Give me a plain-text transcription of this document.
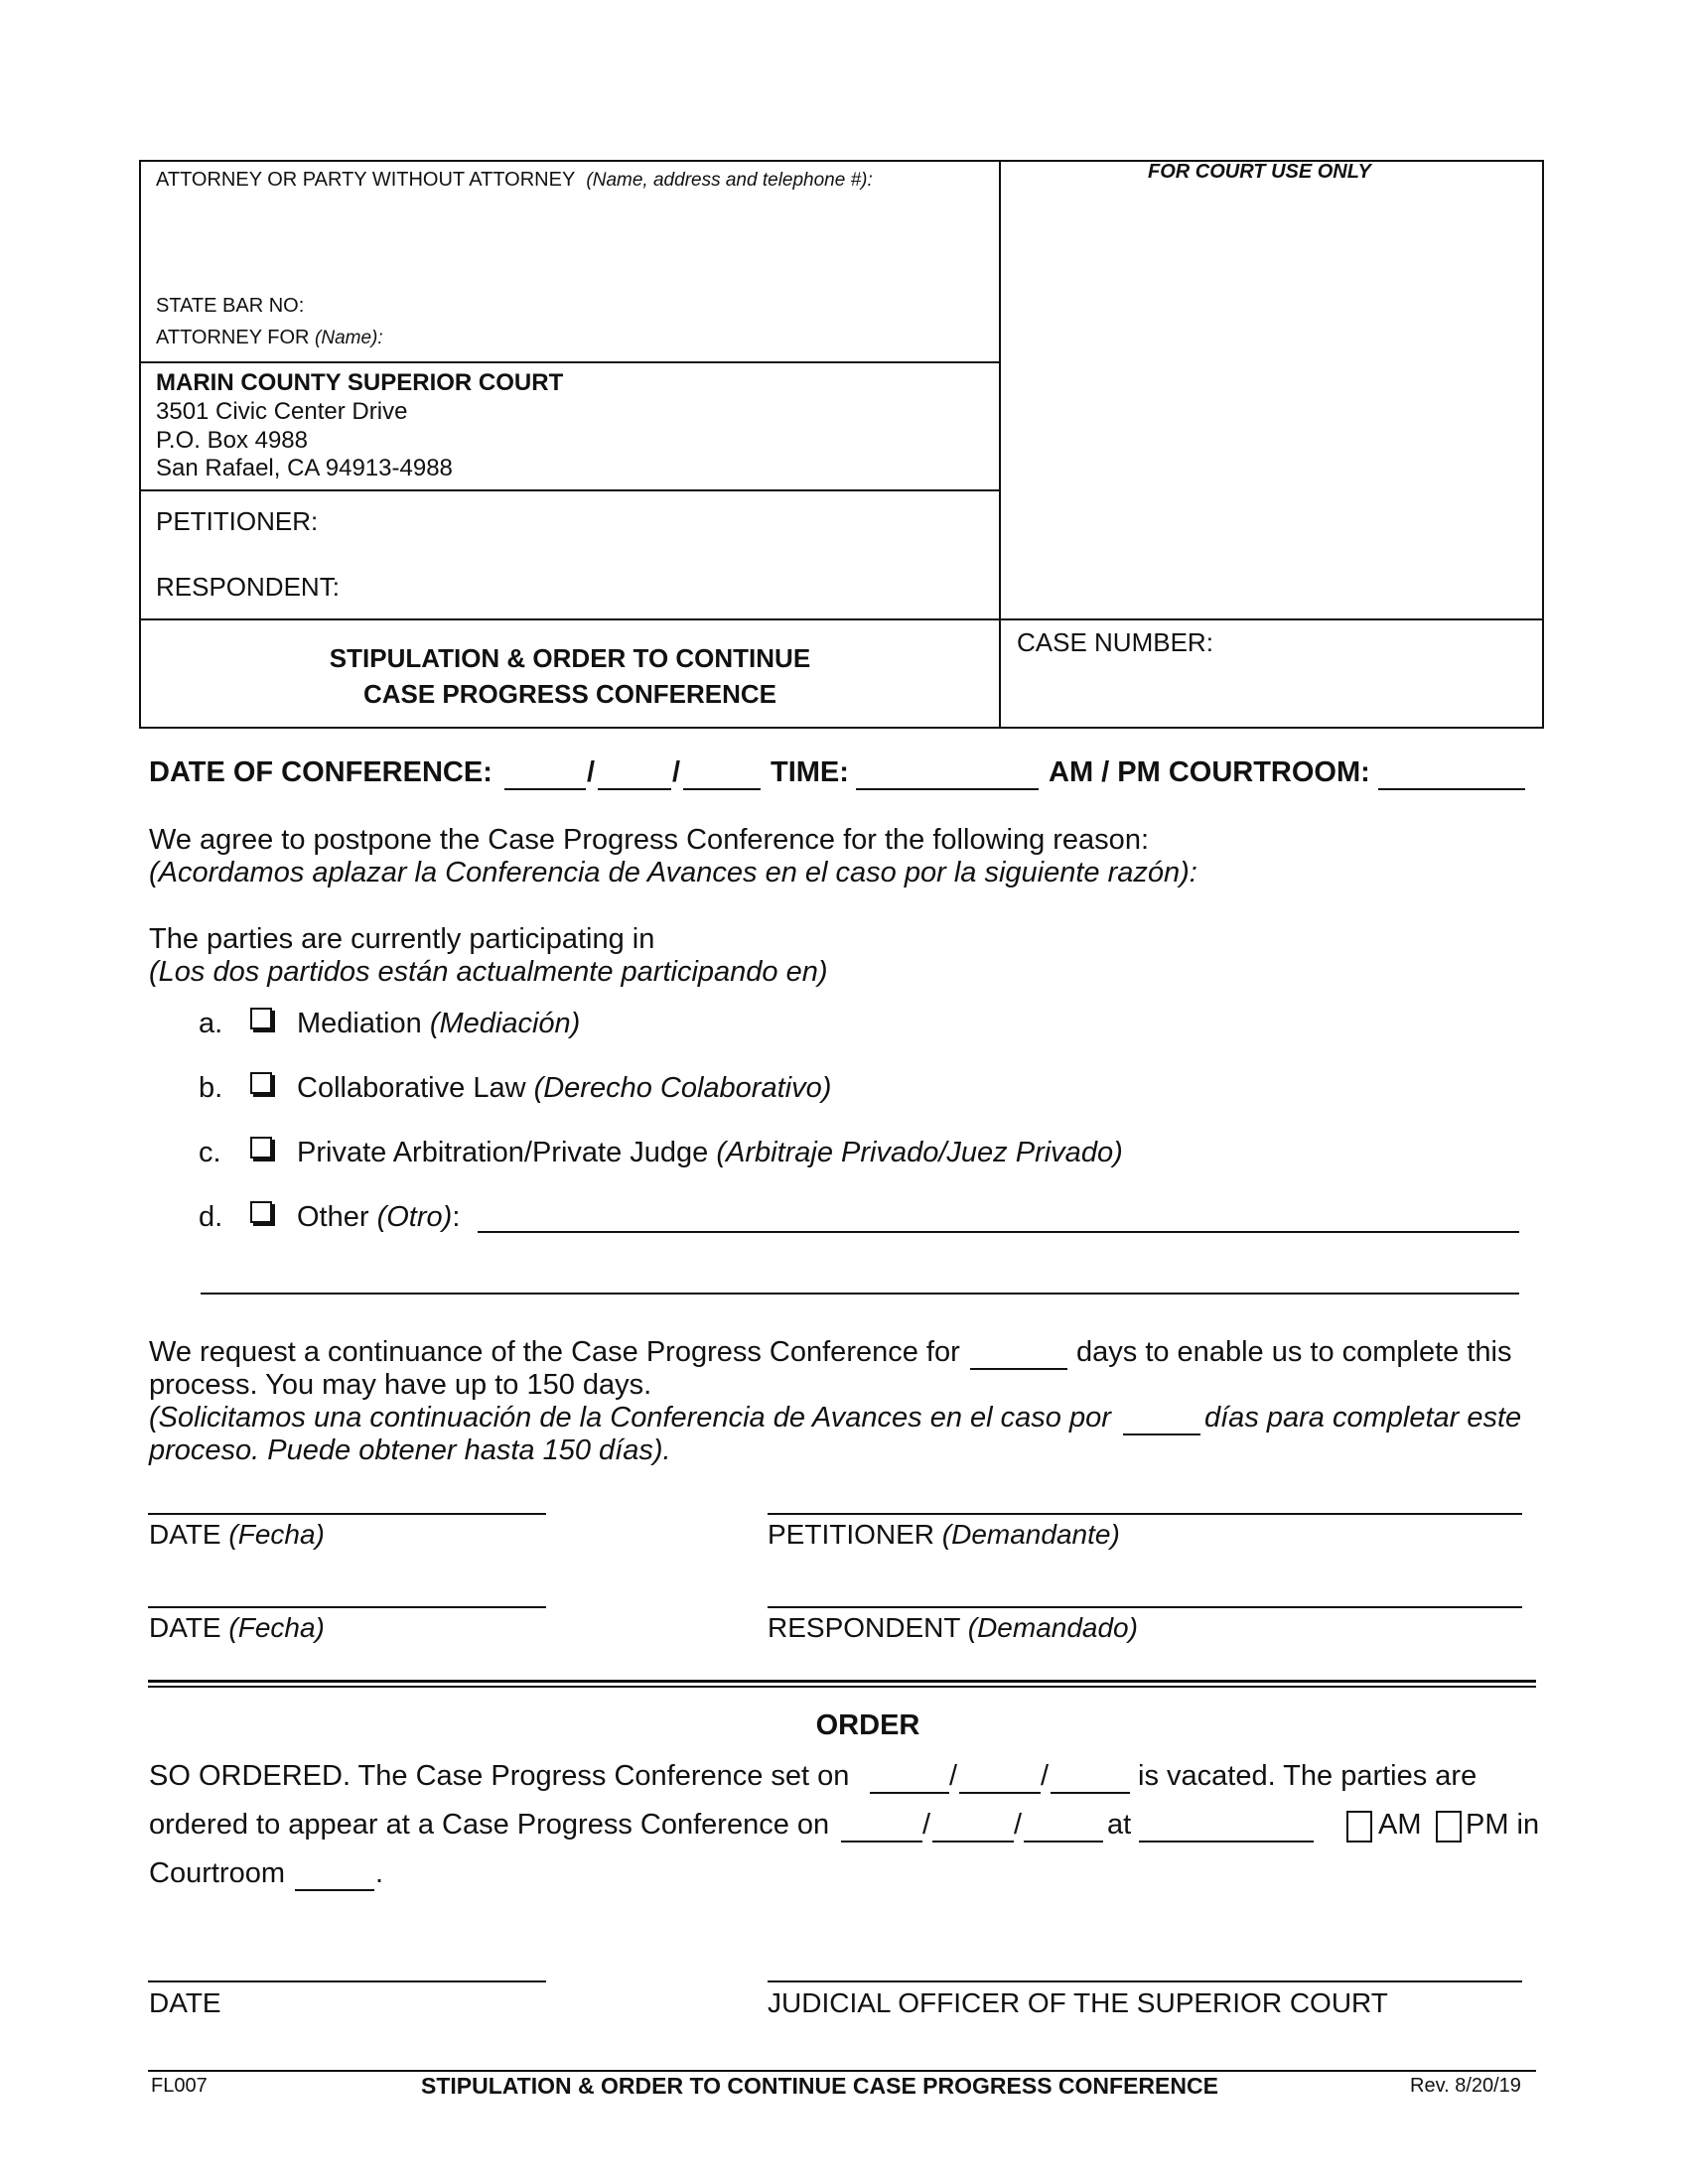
ATTORNEY OR PARTY WITHOUT ATTORNEY (Name, address and telephone #):	FOR COURT USE ONLY
STATE BAR NO:
ATTORNEY FOR (Name):
MARIN COUNTY SUPERIOR COURT
3501 Civic Center Drive
P.O. Box 4988
San Rafael, CA 94913-4988
PETITIONER:
RESPONDENT:
STIPULATION & ORDER TO CONTINUE
CASE PROGRESS CONFERENCE
CASE NUMBER:
DATE OF CONFERENCE:	/	/	TIME:	AM / PM COURTROOM:
We agree to postpone the Case Progress Conference for the following reason:
(Acordamos aplazar la Conferencia de Avances en el caso por la siguiente razón):
The parties are currently participating in
(Los dos partidos están actualmente participando en)
a.	Mediation (Mediación)
b.	Collaborative Law (Derecho Colaborativo)
c.	Private Arbitration/Private Judge (Arbitraje Privado/Juez Privado)
d.	Other (Otro):
We request a continuance of the Case Progress Conference for	days to enable us to complete this
process. You may have up to 150 days.
(Solicitamos una continuación de la Conferencia de Avances en el caso por	días para completar este
proceso. Puede obtener hasta 150 días).
DATE (Fecha)	PETITIONER (Demandante)
DATE (Fecha)	RESPONDENT (Demandado)
ORDER
SO ORDERED. The Case Progress Conference set on	/	/	is vacated. The parties are
ordered to appear at a Case Progress Conference on	/	/	at	AM PM in
Courtroom	.
DATE	JUDICIAL OFFICER OF THE SUPERIOR COURT
FL007	STIPULATION & ORDER TO CONTINUE CASE PROGRESS CONFERENCE	Rev. 8/20/19
